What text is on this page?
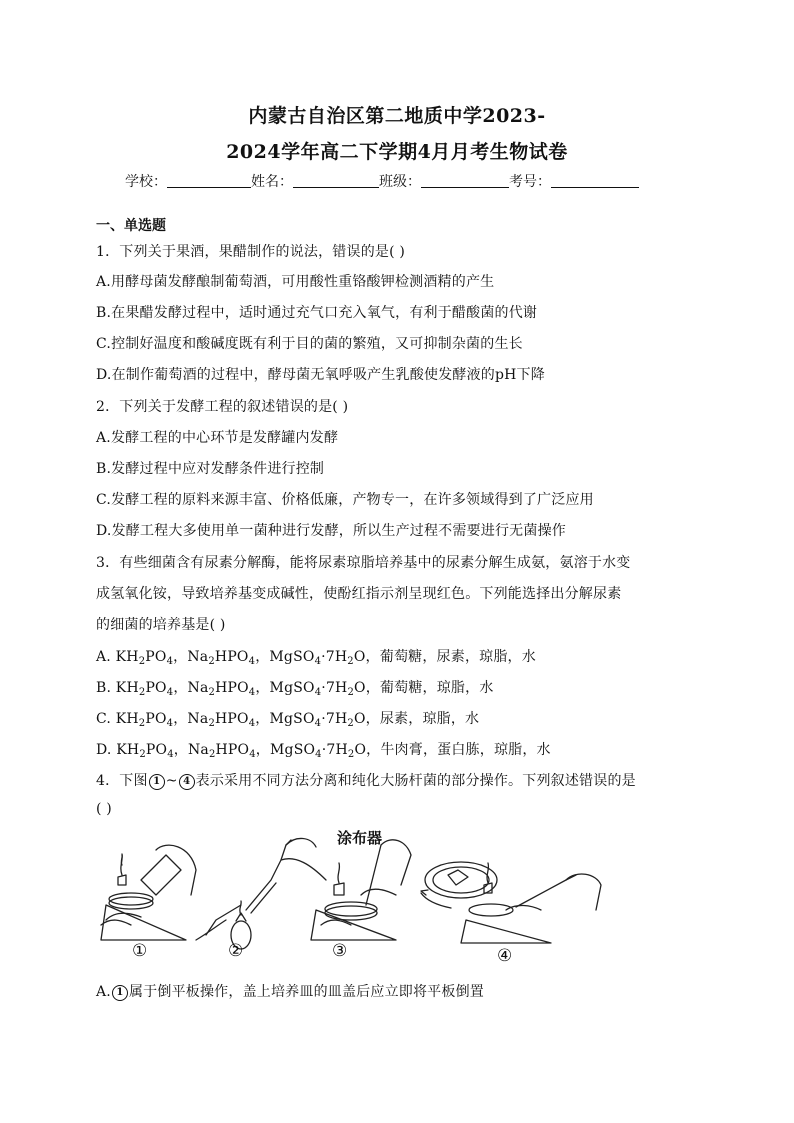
内蒙古自治区第二地质中学2023-
2024学年高二下学期4月月考生物试卷
学校：	姓名：	班级：	考号：
一、单选题
1．下列关于果酒，果醋制作的说法，错误的是( )
A.用酵母菌发酵酿制葡萄酒，可用酸性重铬酸钾检测酒精的产生
B.在果醋发酵过程中，适时通过充气口充入氧气，有利于醋酸菌的代谢
C.控制好温度和酸碱度既有利于目的菌的繁殖，又可抑制杂菌的生长
D.在制作葡萄酒的过程中，酵母菌无氧呼吸产生乳酸使发酵液的pH下降
2．下列关于发酵工程的叙述错误的是( )
A.发酵工程的中心环节是发酵罐内发酵
B.发酵过程中应对发酵条件进行控制
C.发酵工程的原料来源丰富、价格低廉，产物专一，在许多领域得到了广泛应用
D.发酵工程大多使用单一菌种进行发酵，所以生产过程不需要进行无菌操作
3．有些细菌含有尿素分解酶，能将尿素琼脂培养基中的尿素分解生成氨，氨溶于水变
成氢氧化铵，导致培养基变成碱性，使酚红指示剂呈现红色。下列能选择出分解尿素
的细菌的培养基是( )
A. $KH_2PO_4$，$Na_2HPO_4$，$MgSO_4\cdot 7H_2O$，葡萄糖，尿素，琼脂，水
B. $KH_2PO_4$，$Na_2HPO_4$，$MgSO_4\cdot 7H_2O$，葡萄糖，琼脂，水
C. $KH_2PO_4$，$Na_2HPO_4$，$MgSO_4\cdot 7H_2O$，尿素，琼脂，水
D. $KH_2PO_4$，$Na_2HPO_4$，$MgSO_4\cdot 7H_2O$，牛肉膏，蛋白胨，琼脂，水
4．下图 1 ~ 4 表示采用不同方法分离和纯化大肠杆菌的部分操作。下列叙述错误的是
( )
涂布器
①	②	③	④
A. 1 属于倒平板操作，盖上培养皿的皿盖后应立即将平板倒置
